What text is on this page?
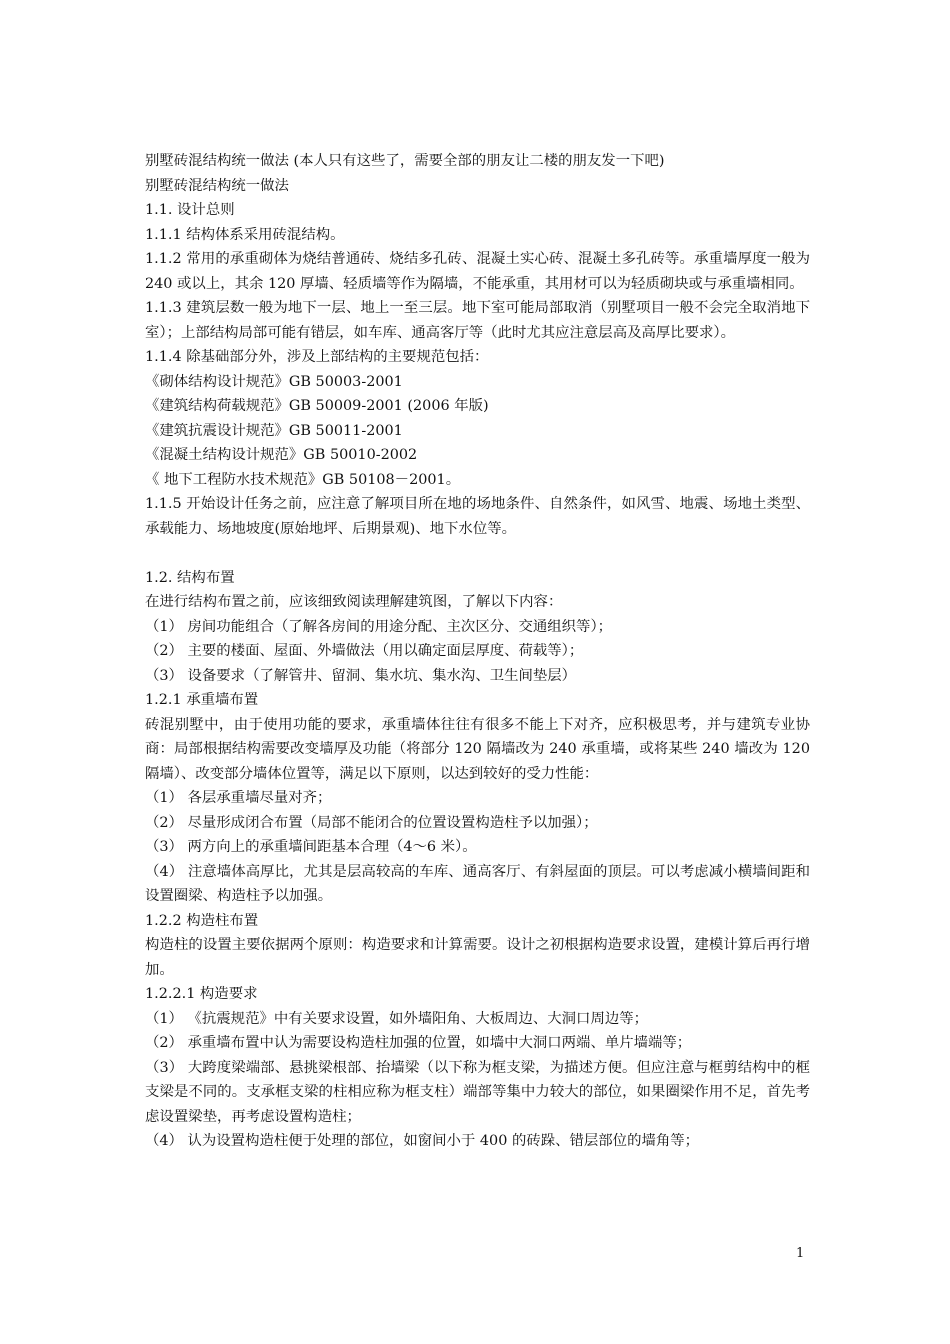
别墅砖混结构统一做法 (本人只有这些了，需要全部的朋友让二楼的朋友发一下吧)

别墅砖混结构统一做法

1.1. 设计总则

1.1.1 结构体系采用砖混结构。

1.1.2 常用的承重砌体为烧结普通砖、烧结多孔砖、混凝土实心砖、混凝土多孔砖等。承重墙厚度一般为 240 或以上，其余 120 厚墙、轻质墙等作为隔墙，不能承重，其用材可以为轻质砌块或与承重墙相同。

1.1.3 建筑层数一般为地下一层、地上一至三层。地下室可能局部取消（别墅项目一般不会完全取消地下室）；上部结构局部可能有错层，如车库、通高客厅等（此时尤其应注意层高及高厚比要求）。

1.1.4 除基础部分外，涉及上部结构的主要规范包括：

《砌体结构设计规范》GB 50003-2001

《建筑结构荷载规范》GB 50009-2001 (2006 年版)

《建筑抗震设计规范》GB 50011-2001

《混凝土结构设计规范》GB 50010-2002

《 地下工程防水技术规范》GB 50108－2001。

1.1.5 开始设计任务之前，应注意了解项目所在地的场地条件、自然条件，如风雪、地震、场地土类型、承载能力、场地坡度(原始地坪、后期景观)、地下水位等。

1.2. 结构布置

在进行结构布置之前，应该细致阅读理解建筑图，了解以下内容：

（1） 房间功能组合（了解各房间的用途分配、主次区分、交通组织等）；

（2） 主要的楼面、屋面、外墙做法（用以确定面层厚度、荷载等）；

（3） 设备要求（了解管井、留洞、集水坑、集水沟、卫生间垫层）

1.2.1 承重墙布置

砖混别墅中，由于使用功能的要求，承重墙体往往有很多不能上下对齐，应积极思考，并与建筑专业协商：局部根据结构需要改变墙厚及功能（将部分 120 隔墙改为 240 承重墙，或将某些 240 墙改为 120 隔墙）、改变部分墙体位置等，满足以下原则，以达到较好的受力性能：

（1） 各层承重墙尽量对齐；

（2） 尽量形成闭合布置（局部不能闭合的位置设置构造柱予以加强）；

（3） 两方向上的承重墙间距基本合理（4～6 米）。

（4） 注意墙体高厚比，尤其是层高较高的车库、通高客厅、有斜屋面的顶层。可以考虑减小横墙间距和设置圈梁、构造柱予以加强。

1.2.2 构造柱布置

构造柱的设置主要依据两个原则：构造要求和计算需要。设计之初根据构造要求设置，建模计算后再行增加。

1.2.2.1 构造要求

（1） 《抗震规范》中有关要求设置，如外墙阳角、大板周边、大洞口周边等；

（2） 承重墙布置中认为需要设构造柱加强的位置，如墙中大洞口两端、单片墙端等；

（3） 大跨度梁端部、悬挑梁根部、抬墙梁（以下称为框支梁，为描述方便。但应注意与框剪结构中的框支梁是不同的。支承框支梁的柱相应称为框支柱）端部等集中力较大的部位，如果圈梁作用不足，首先考虑设置梁垫，再考虑设置构造柱；

（4） 认为设置构造柱便于处理的部位，如窗间小于 400 的砖跺、错层部位的墙角等；

1
